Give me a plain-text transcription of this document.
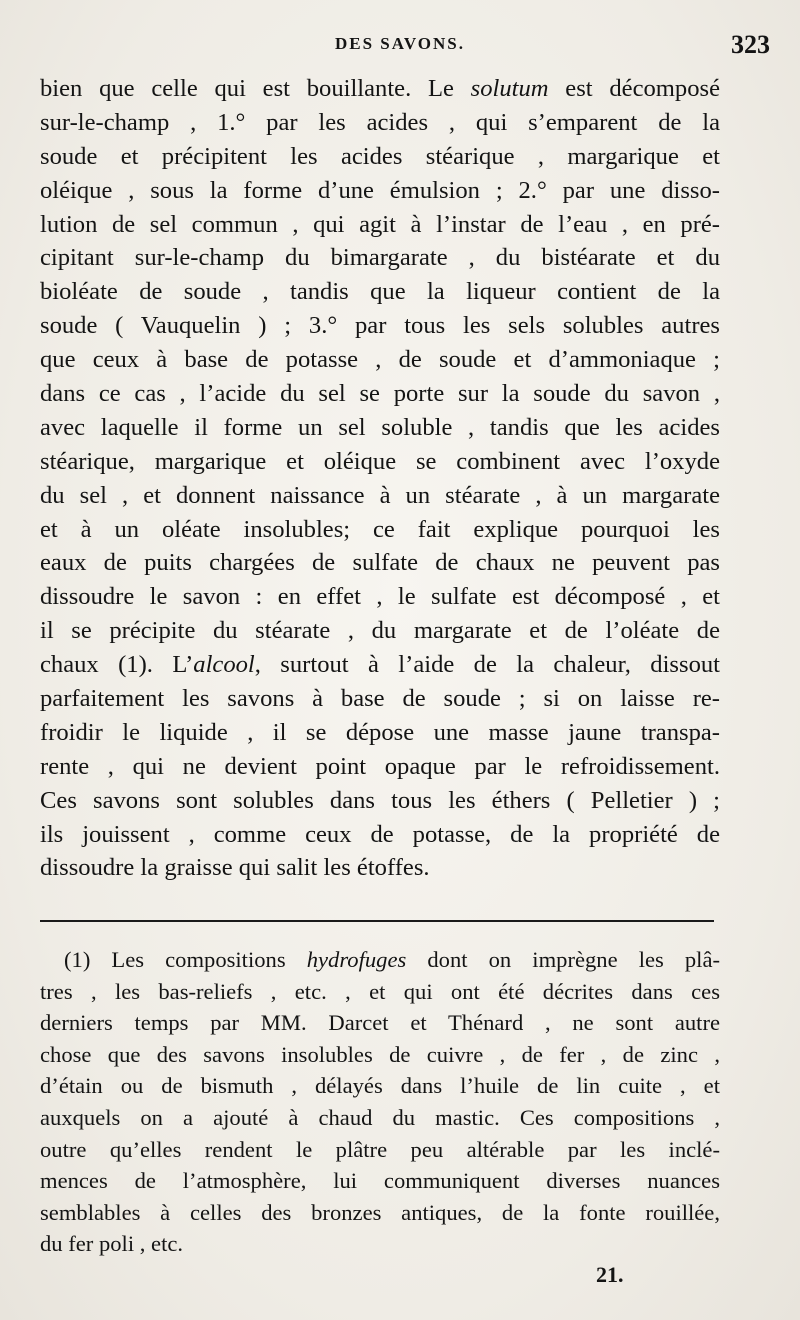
DES SAVONS.	323
bien que celle qui est bouillante. Le solutum est décomposé
sur-le-champ , 1.° par les acides , qui s’emparent de la
soude et précipitent les acides stéarique , margarique et
oléique , sous la forme d’une émulsion ; 2.° par une disso-
lution de sel commun , qui agit à l’instar de l’eau , en pré-
cipitant sur-le-champ du bimargarate , du bistéarate et du
bioléate de soude , tandis que la liqueur contient de la
soude ( Vauquelin ) ; 3.° par tous les sels solubles autres
que ceux à base de potasse , de soude et d’ammoniaque ;
dans ce cas , l’acide du sel se porte sur la soude du savon ,
avec laquelle il forme un sel soluble , tandis que les acides
stéarique, margarique et oléique se combinent avec l’oxyde
du sel , et donnent naissance à un stéarate , à un margarate
et à un oléate insolubles; ce fait explique pourquoi les
eaux de puits chargées de sulfate de chaux ne peuvent pas
dissoudre le savon : en effet , le sulfate est décomposé , et
il se précipite du stéarate , du margarate et de l’oléate de
chaux (1). L’alcool, surtout à l’aide de la chaleur, dissout
parfaitement les savons à base de soude ; si on laisse re-
froidir le liquide , il se dépose une masse jaune transpa-
rente , qui ne devient point opaque par le refroidissement.
Ces savons sont solubles dans tous les éthers ( Pelletier ) ;
ils jouissent , comme ceux de potasse, de la propriété de
dissoudre la graisse qui salit les étoffes.
(1) Les compositions hydrofuges dont on imprègne les plâ-
tres , les bas-reliefs , etc. , et qui ont été décrites dans ces
derniers temps par MM. Darcet et Thénard , ne sont autre
chose que des savons insolubles de cuivre , de fer , de zinc ,
d’étain ou de bismuth , délayés dans l’huile de lin cuite , et
auxquels on a ajouté à chaud du mastic. Ces compositions ,
outre qu’elles rendent le plâtre peu altérable par les inclé-
mences de l’atmosphère, lui communiquent diverses nuances
semblables à celles des bronzes antiques, de la fonte rouillée,
du fer poli , etc.
21.
